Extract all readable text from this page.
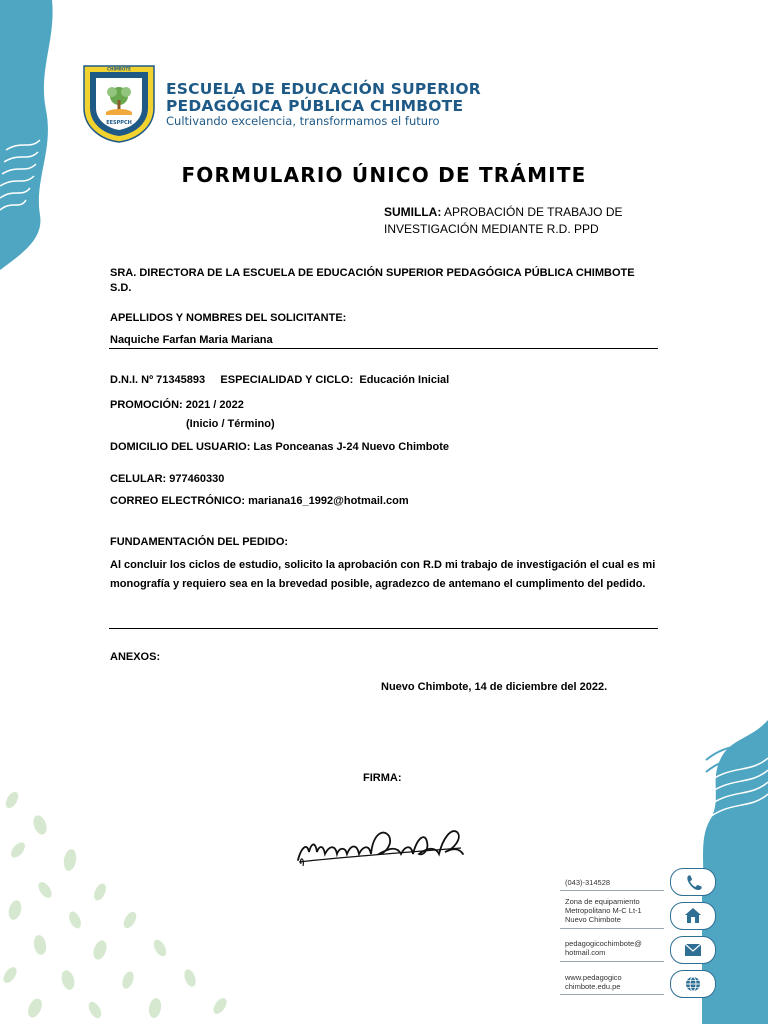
CHIMBOTE
EESPPCH
ESCUELA DE EDUCACIÓN SUPERIOR
PEDAGÓGICA PÚBLICA CHIMBOTE
Cultivando excelencia, transformamos el futuro
FORMULARIO ÚNICO DE TRÁMITE
SUMILLA: APROBACIÓN DE TRABAJO DE
INVESTIGACIÓN MEDIANTE R.D. PPD
SRA. DIRECTORA DE LA ESCUELA DE EDUCACIÓN SUPERIOR PEDAGÓGICA PÚBLICA CHIMBOTE
S.D.
APELLIDOS Y NOMBRES DEL SOLICITANTE:
Naquiche Farfan Maria Mariana
D.N.I. Nº 71345893     ESPECIALIDAD Y CICLO:  Educación Inicial
PROMOCIÓN: 2021 / 2022
(Inicio / Término)
DOMICILIO DEL USUARIO: Las Ponceanas J-24 Nuevo Chimbote
CELULAR: 977460330
CORREO ELECTRÓNICO: mariana16_1992@hotmail.com
FUNDAMENTACIÓN DEL PEDIDO:
Al concluir los ciclos de estudio, solicito la aprobación con R.D mi trabajo de investigación el cual es mi monografía y requiero sea en la brevedad posible, agradezco de antemano el cumplimento del pedido.
ANEXOS:
Nuevo Chimbote, 14 de diciembre del 2022.
FIRMA:
(043)-314528
Zona de equipamiento
Metropolitano M-C Lt-1
Nuevo Chimbote
pedagogicochimbote@
hotmail.com
www.pedagogico
chimbote.edu.pe
